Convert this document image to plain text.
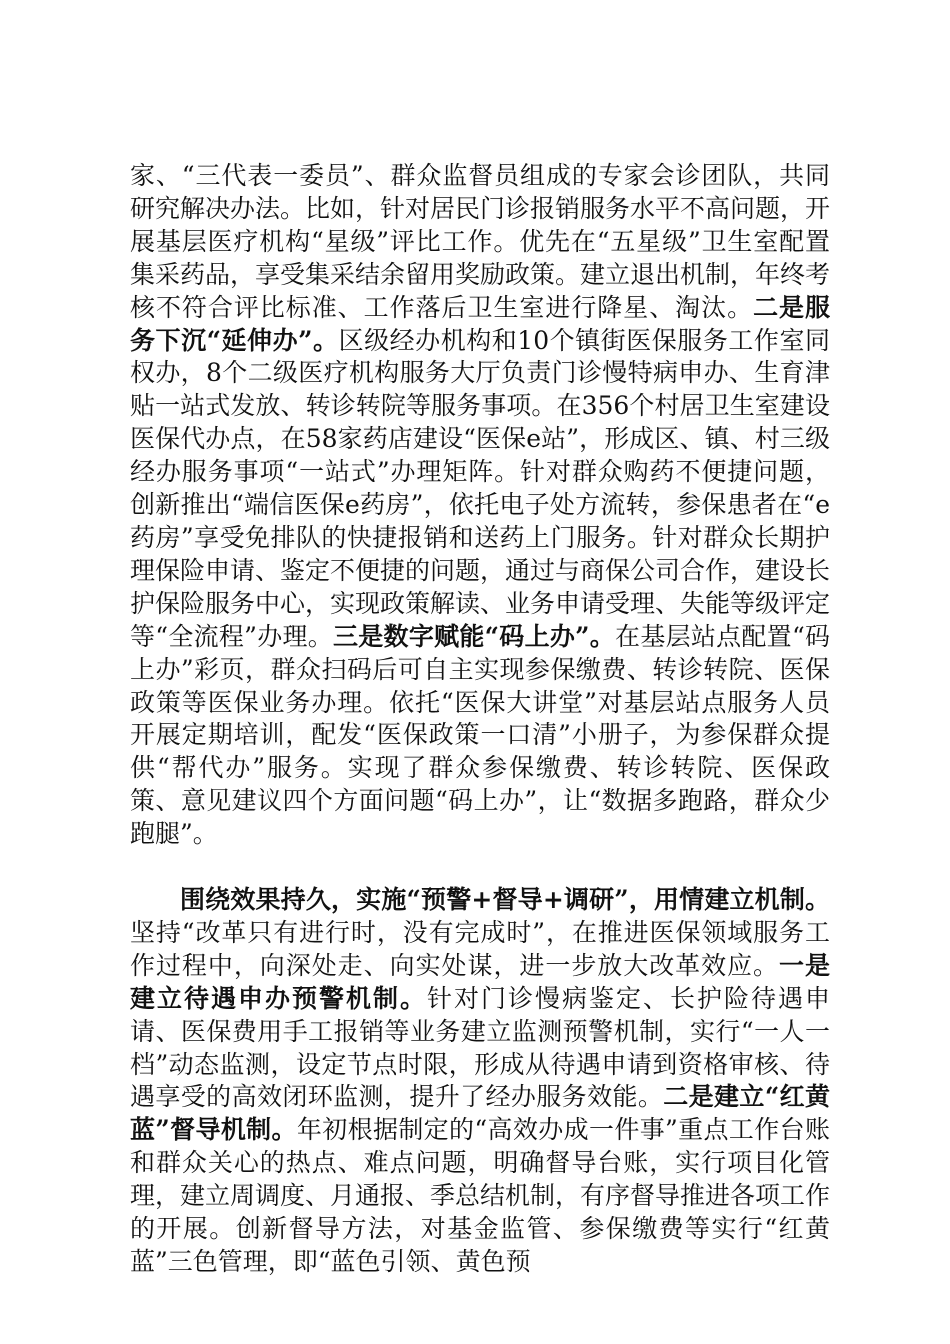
家、“三代表一委员”、群众监督员组成的专家会诊团队，共同研究解决办法。比如，针对居民门诊报销服务水平不高问题，开展基层医疗机构“星级”评比工作。优先在“五星级”卫生室配置集采药品，享受集采结余留用奖励政策。建立退出机制，年终考核不符合评比标准、工作落后卫生室进行降星、淘汰。二是服务下沉“延伸办”。区级经办机构和10个镇街医保服务工作室同权办，8个二级医疗机构服务大厅负责门诊慢特病申办、生育津贴一站式发放、转诊转院等服务事项。在356个村居卫生室建设医保代办点，在58家药店建设“医保e站”，形成区、镇、村三级经办服务事项“一站式”办理矩阵。针对群众购药不便捷问题，创新推出“端信医保e药房”，依托电子处方流转，参保患者在“e药房”享受免排队的快捷报销和送药上门服务。针对群众长期护理保险申请、鉴定不便捷的问题，通过与商保公司合作，建设长护保险服务中心，实现政策解读、业务申请受理、失能等级评定等“全流程”办理。三是数字赋能“码上办”。在基层站点配置“码上办”彩页，群众扫码后可自主实现参保缴费、转诊转院、医保政策等医保业务办理。依托“医保大讲堂”对基层站点服务人员开展定期培训，配发“医保政策一口清”小册子，为参保群众提供“帮代办”服务。实现了群众参保缴费、转诊转院、医保政策、意见建议四个方面问题“码上办”，让“数据多跑路，群众少跑腿”。

围绕效果持久，实施“预警+督导+调研”，用情建立机制。坚持“改革只有进行时，没有完成时”，在推进医保领域服务工作过程中，向深处走、向实处谋，进一步放大改革效应。一是建立待遇申办预警机制。针对门诊慢病鉴定、长护险待遇申请、医保费用手工报销等业务建立监测预警机制，实行“一人一档”动态监测，设定节点时限，形成从待遇申请到资格审核、待遇享受的高效闭环监测，提升了经办服务效能。二是建立“红黄蓝”督导机制。年初根据制定的“高效办成一件事”重点工作台账和群众关心的热点、难点问题，明确督导台账，实行项目化管理，建立周调度、月通报、季总结机制，有序督导推进各项工作的开展。创新督导方法，对基金监管、参保缴费等实行“红黄蓝”三色管理，即“蓝色引领、黄色预
